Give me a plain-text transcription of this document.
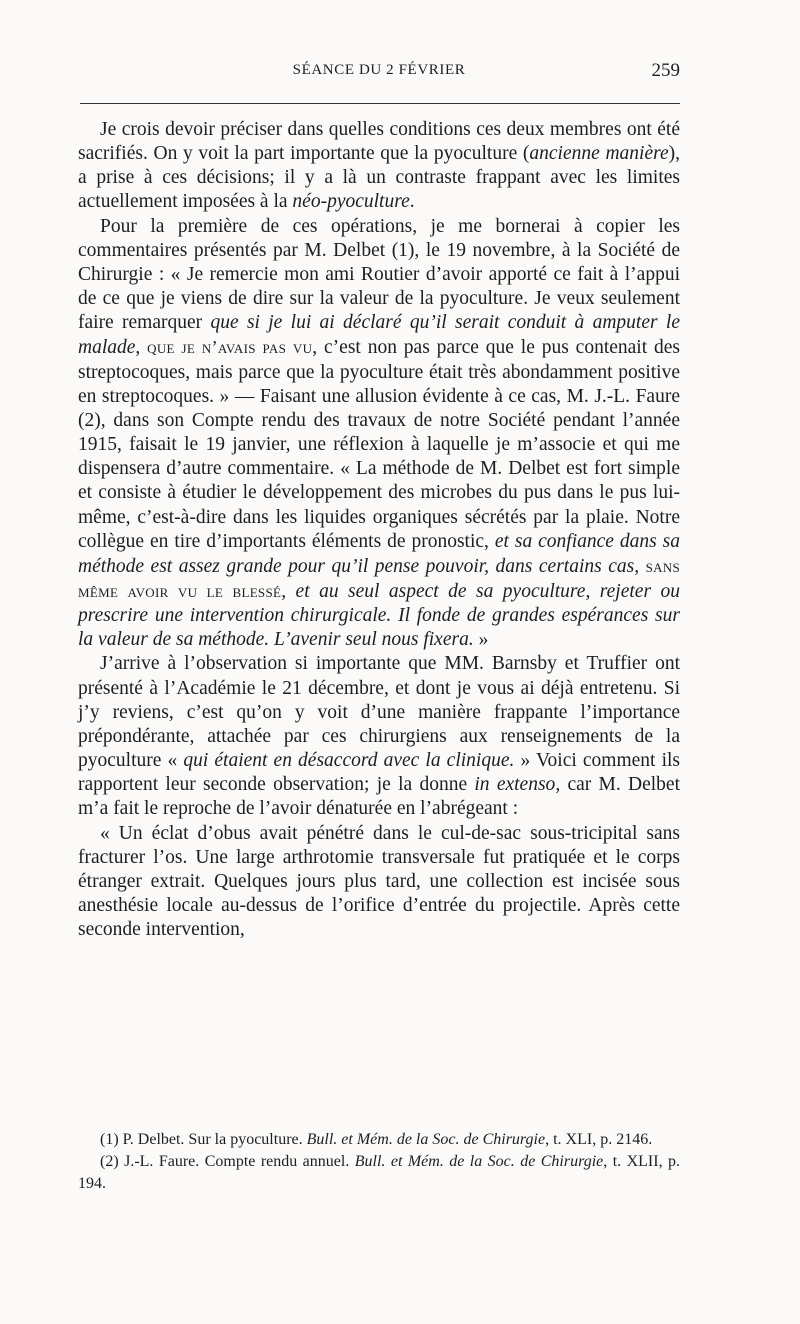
SÉANCE DU 2 FÉVRIER	259

Je crois devoir préciser dans quelles conditions ces deux membres ont été sacrifiés. On y voit la part importante que la pyoculture (ancienne manière), a prise à ces décisions; il y a là un contraste frappant avec les limites actuellement imposées à la néo-pyoculture.

Pour la première de ces opérations, je me bornerai à copier les commentaires présentés par M. Delbet (1), le 19 novembre, à la Société de Chirurgie : « Je remercie mon ami Routier d’avoir apporté ce fait à l’appui de ce que je viens de dire sur la valeur de la pyoculture. Je veux seulement faire remarquer que si je lui ai déclaré qu’il serait conduit à amputer le malade, que je n’avais pas vu, c’est non pas parce que le pus contenait des streptocoques, mais parce que la pyoculture était très abondamment positive en streptocoques. » — Faisant une allusion évidente à ce cas, M. J.-L. Faure (2), dans son Compte rendu des travaux de notre Société pendant l’année 1915, faisait le 19 janvier, une réflexion à laquelle je m’associe et qui me dispensera d’autre commentaire. « La méthode de M. Delbet est fort simple et consiste à étudier le développement des microbes du pus dans le pus lui-même, c’est-à-dire dans les liquides organiques sécrétés par la plaie. Notre collègue en tire d’importants éléments de pronostic, et sa confiance dans sa méthode est assez grande pour qu’il pense pouvoir, dans certains cas, sans même avoir vu le blessé, et au seul aspect de sa pyoculture, rejeter ou prescrire une intervention chirurgicale. Il fonde de grandes espérances sur la valeur de sa méthode. L’avenir seul nous fixera. »

J’arrive à l’observation si importante que MM. Barnsby et Truffier ont présenté à l’Académie le 21 décembre, et dont je vous ai déjà entretenu. Si j’y reviens, c’est qu’on y voit d’une manière frappante l’importance prépondérante, attachée par ces chirurgiens aux renseignements de la pyoculture « qui étaient en désaccord avec la clinique. » Voici comment ils rapportent leur seconde observation; je la donne in extenso, car M. Delbet m’a fait le reproche de l’avoir dénaturée en l’abrégeant :

« Un éclat d’obus avait pénétré dans le cul-de-sac sous-tricipital sans fracturer l’os. Une large arthrotomie transversale fut pratiquée et le corps étranger extrait. Quelques jours plus tard, une collection est incisée sous anesthésie locale au-dessus de l’orifice d’entrée du projectile. Après cette seconde intervention,

(1) P. Delbet. Sur la pyoculture. Bull. et Mém. de la Soc. de Chirurgie, t. XLI, p. 2146.

(2) J.-L. Faure. Compte rendu annuel. Bull. et Mém. de la Soc. de Chirurgie, t. XLII, p. 194.
